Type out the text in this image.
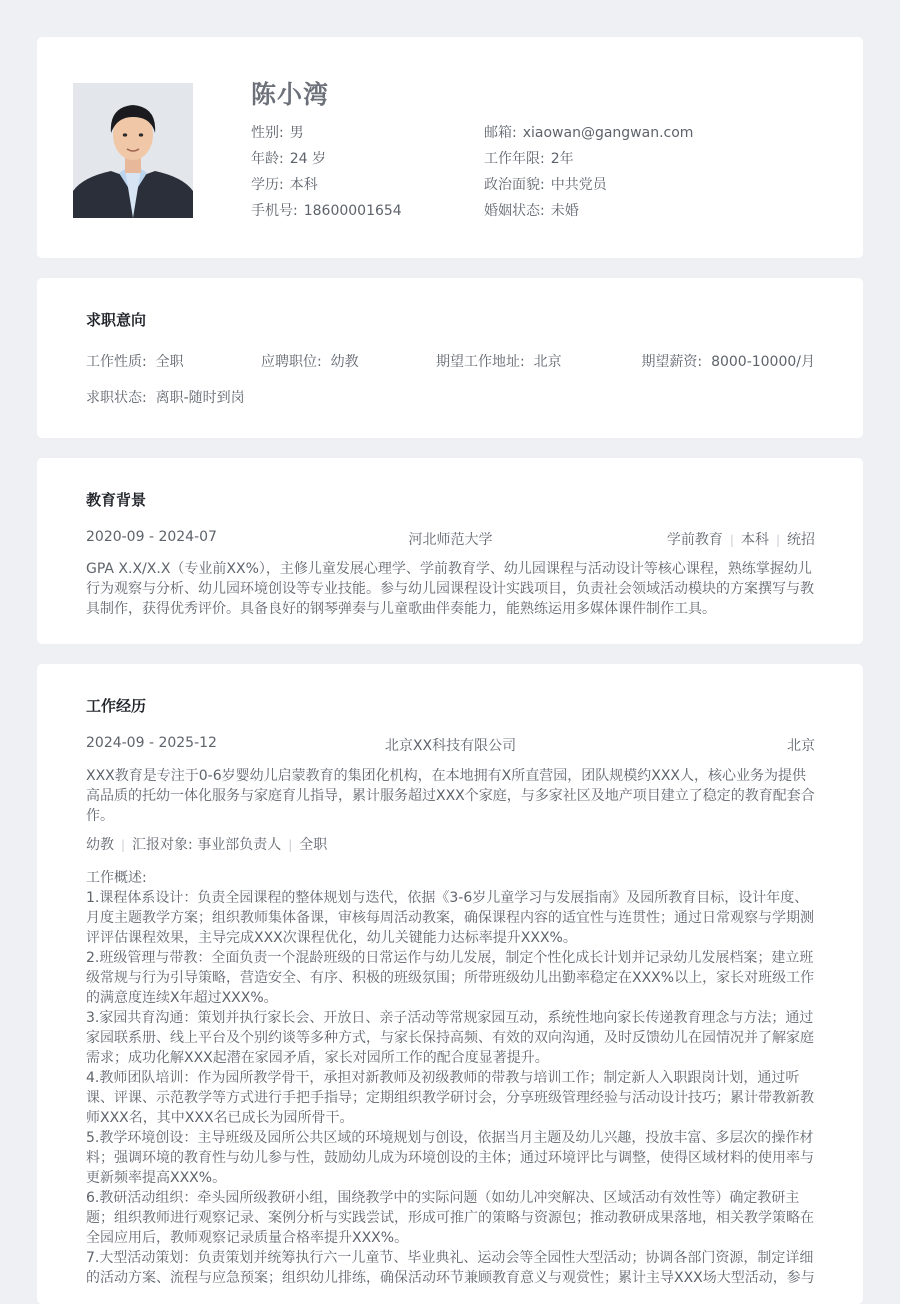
陈小湾
性别: 男	邮箱: xiaowan@gangwan.com
年龄: 24 岁	工作年限: 2年
学历: 本科	政治面貌: 中共党员
手机号: 18600001654	婚姻状态: 未婚
求职意向
工作性质: 全职	应聘职位: 幼教	期望工作地址: 北京	期望薪资: 8000-10000/月
求职状态: 离职-随时到岗
教育背景
2020-09 - 2024-07	河北师范大学	学前教育 | 本科 | 统招
GPA X.X/X.X（专业前XX%），主修儿童发展心理学、学前教育学、幼儿园课程与活动设计等核心课程，熟练掌握幼儿行为观察与分析、幼儿园环境创设等专业技能。参与幼儿园课程设计实践项目，负责社会领域活动模块的方案撰写与教具制作，获得优秀评价。具备良好的钢琴弹奏与儿童歌曲伴奏能力，能熟练运用多媒体课件制作工具。
工作经历
2024-09 - 2025-12	北京XX科技有限公司	北京
XXX教育是专注于0-6岁婴幼儿启蒙教育的集团化机构，在本地拥有X所直营园，团队规模约XXX人，核心业务为提供高品质的托幼一体化服务与家庭育儿指导，累计服务超过XXX个家庭，与多家社区及地产项目建立了稳定的教育配套合作。
幼教 | 汇报对象: 事业部负责人 | 全职
工作概述:
1.课程体系设计：负责全园课程的整体规划与迭代，依据《3-6岁儿童学习与发展指南》及园所教育目标，设计年度、月度主题教学方案；组织教师集体备课，审核每周活动教案，确保课程内容的适宜性与连贯性；通过日常观察与学期测评评估课程效果，主导完成XXX次课程优化，幼儿关键能力达标率提升XXX%。
2.班级管理与带教：全面负责一个混龄班级的日常运作与幼儿发展，制定个性化成长计划并记录幼儿发展档案；建立班级常规与行为引导策略，营造安全、有序、积极的班级氛围；所带班级幼儿出勤率稳定在XXX%以上，家长对班级工作的满意度连续X年超过XXX%。
3.家园共育沟通：策划并执行家长会、开放日、亲子活动等常规家园互动，系统性地向家长传递教育理念与方法；通过家园联系册、线上平台及个别约谈等多种方式，与家长保持高频、有效的双向沟通，及时反馈幼儿在园情况并了解家庭需求；成功化解XXX起潜在家园矛盾，家长对园所工作的配合度显著提升。
4.教师团队培训：作为园所教学骨干，承担对新教师及初级教师的带教与培训工作；制定新人入职跟岗计划，通过听课、评课、示范教学等方式进行手把手指导；定期组织教学研讨会，分享班级管理经验与活动设计技巧；累计带教新教师XXX名，其中XXX名已成长为园所骨干。
5.教学环境创设：主导班级及园所公共区域的环境规划与创设，依据当月主题及幼儿兴趣，投放丰富、多层次的操作材料；强调环境的教育性与幼儿参与性，鼓励幼儿成为环境创设的主体；通过环境评比与调整，使得区域材料的使用率与更新频率提高XXX%。
6.教研活动组织：牵头园所级教研小组，围绕教学中的实际问题（如幼儿冲突解决、区域活动有效性等）确定教研主题；组织教师进行观察记录、案例分析与实践尝试，形成可推广的策略与资源包；推动教研成果落地，相关教学策略在全园应用后，教师观察记录质量合格率提升XXX%。
7.大型活动策划：负责策划并统筹执行六一儿童节、毕业典礼、运动会等全园性大型活动；协调各部门资源，制定详细的活动方案、流程与应急预案；组织幼儿排练，确保活动环节兼顾教育意义与观赏性；累计主导XXX场大型活动，参与
